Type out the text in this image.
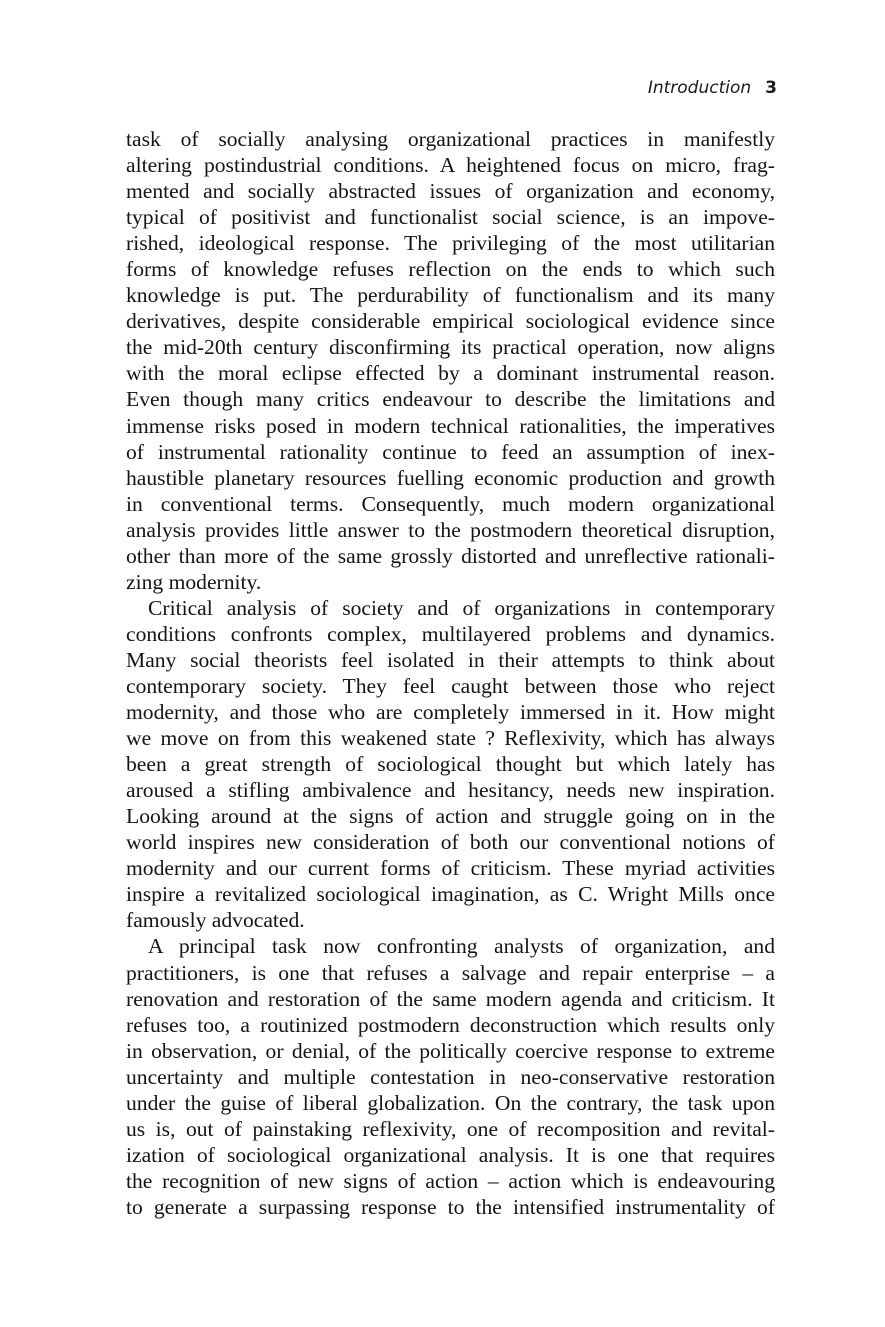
Introduction 3

task of socially analysing organizational practices in manifestly
altering postindustrial conditions. A heightened focus on micro, frag-
mented and socially abstracted issues of organization and economy,
typical of positivist and functionalist social science, is an impove-
rished, ideological response. The privileging of the most utilitarian
forms of knowledge refuses reflection on the ends to which such
knowledge is put. The perdurability of functionalism and its many
derivatives, despite considerable empirical sociological evidence since
the mid-20th century disconfirming its practical operation, now aligns
with the moral eclipse effected by a dominant instrumental reason.
Even though many critics endeavour to describe the limitations and
immense risks posed in modern technical rationalities, the imperatives
of instrumental rationality continue to feed an assumption of inex-
haustible planetary resources fuelling economic production and growth
in conventional terms. Consequently, much modern organizational
analysis provides little answer to the postmodern theoretical disruption,
other than more of the same grossly distorted and unreflective rationali-
zing modernity.

Critical analysis of society and of organizations in contemporary
conditions confronts complex, multilayered problems and dynamics.
Many social theorists feel isolated in their attempts to think about
contemporary society. They feel caught between those who reject
modernity, and those who are completely immersed in it. How might
we move on from this weakened state ? Reflexivity, which has always
been a great strength of sociological thought but which lately has
aroused a stifling ambivalence and hesitancy, needs new inspiration.
Looking around at the signs of action and struggle going on in the
world inspires new consideration of both our conventional notions of
modernity and our current forms of criticism. These myriad activities
inspire a revitalized sociological imagination, as C. Wright Mills once
famously advocated.

A principal task now confronting analysts of organization, and
practitioners, is one that refuses a salvage and repair enterprise – a
renovation and restoration of the same modern agenda and criticism. It
refuses too, a routinized postmodern deconstruction which results only
in observation, or denial, of the politically coercive response to extreme
uncertainty and multiple contestation in neo-conservative restoration
under the guise of liberal globalization. On the contrary, the task upon
us is, out of painstaking reflexivity, one of recomposition and revital-
ization of sociological organizational analysis. It is one that requires
the recognition of new signs of action – action which is endeavouring
to generate a surpassing response to the intensified instrumentality of
